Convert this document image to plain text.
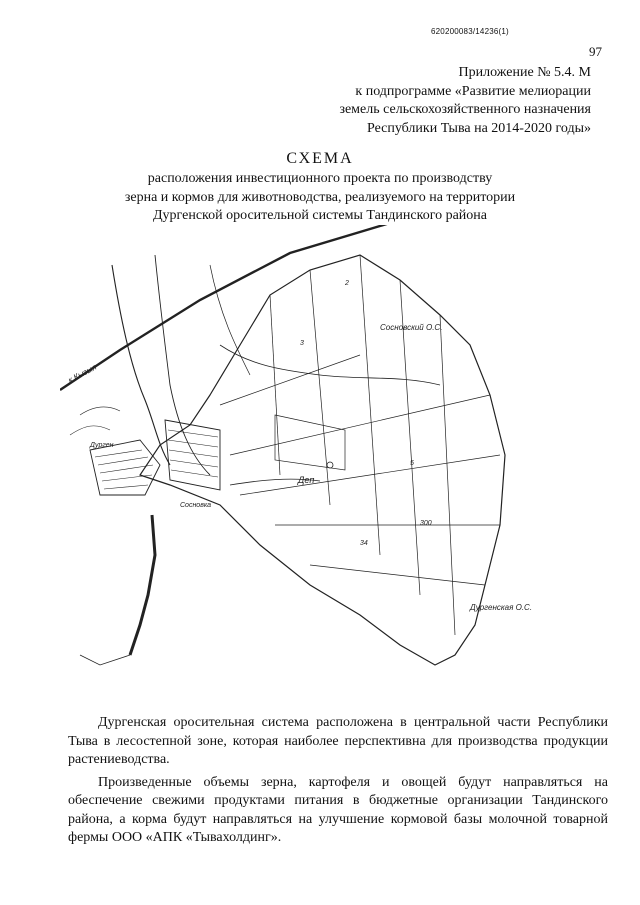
620200083/14236(1)
97
Приложение № 5.4. М
к подпрограмме «Развитие мелиорации
земель сельскохозяйственного назначения
Республики Тыва на 2014-2020 годы»
СХЕМА
расположения инвестиционного проекта по производству
зерна и кормов для животноводства, реализуемого на территории
Дургенской оросительной системы Тандинского района
к Кызыл
Сосновский О.С.
Дургенская О.С.
Дурген
Сосновка
Деп
2
3
5
34
300

Дургенская оросительная система расположена в центральной части Республики Тыва в лесостепной зоне, которая наиболее перспективна для производства продукции растениеводства.

Произведенные объемы зерна, картофеля и овощей будут направляться на обеспечение свежими продуктами питания в бюджетные организации Тандинского района, а корма будут направляться на улучшение кормовой базы молочной товарной фермы ООО «АПК «Тывахолдинг».
